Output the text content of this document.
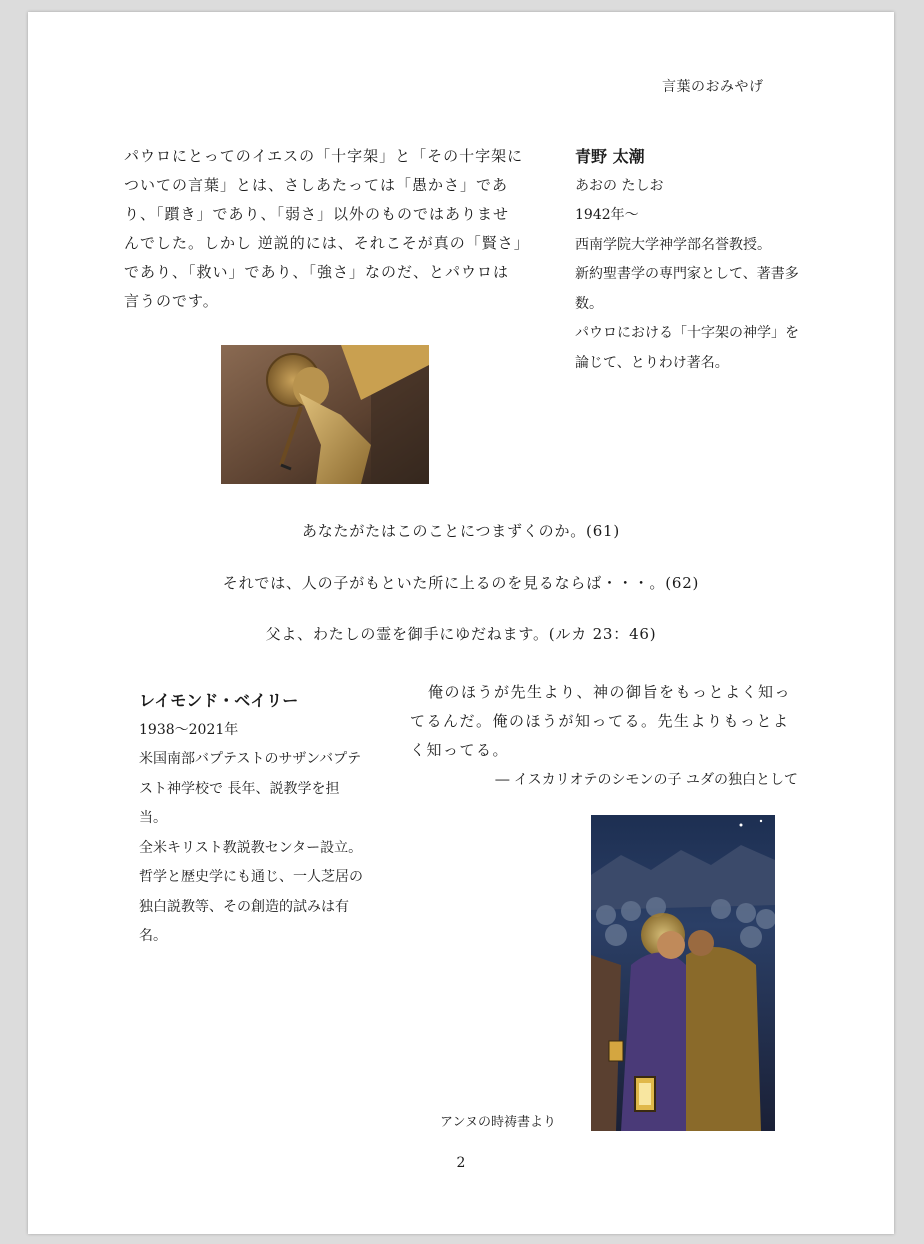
言葉のおみやげ

パウロにとってのイエスの「十字架」と「その十字架についての言葉」とは、さしあたっては「愚かさ」であり、「躓き」であり、「弱さ」以外のものではありませんでした。しかし 逆説的には、それこそが真の「賢さ」であり、「救い」であり、「強さ」なのだ、とパウロは言うのです。

青野 太潮
あおの たしお
1942年〜
西南学院大学神学部名誉教授。
新約聖書学の専門家として、著書多数。
パウロにおける「十字架の神学」を論じて、とりわけ著名。
あなたがたはこのことにつまずくのか。(61)
それでは、人の子がもといた所に上るのを見るならば・・・。(62)
父よ、わたしの霊を御手にゆだねます。(ルカ 23：46)
レイモンド・ベイリー
1938〜2021年
米国南部バプテストのサザンバプテスト神学校で 長年、説教学を担当。
全米キリスト教説教センター設立。
哲学と歴史学にも通じ、一人芝居の独白説教等、その創造的試みは有名。

俺のほうが先生より、神の御旨をもっとよく知ってるんだ。俺のほうが知ってる。先生よりもっとよく知ってる。

― イスカリオテのシモンの子 ユダの独白として
アンヌの時祷書より
2
